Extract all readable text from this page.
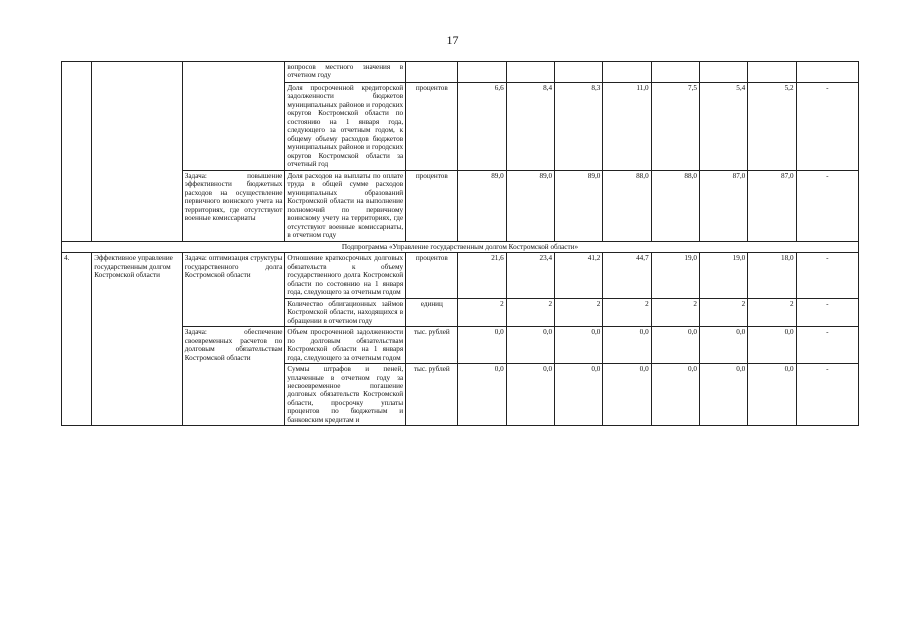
17
			вопросов местного значения в отчетном году									
			Доля просроченной кредиторской задолженности бюджетов муниципальных районов и городских округов Костромской области по состоянию на 1 января года, следующего за отчетным годом, к общему объему расходов бюджетов муниципальных районов и городских округов Костромской области за отчетный год	процентов	6,6	8,4	8,3	11,0	7,5	5,4	5,2	-
		Задача: повышение эффективности бюджетных расходов на осуществление первичного воинского учета на территориях, где отсутствуют военные комиссариаты	Доля расходов на выплаты по оплате труда в общей сумме расходов муниципальных образований Костромской области на выполнение полномочий по первичному воинскому учету на территориях, где отсутствуют военные комиссариаты, в отчетном году	процентов	89,0	89,0	89,0	88,0	88,0	87,0	87,0	-
Подпрограмма «Управление государственным долгом Костромской области»												
4.	Эффективное управление государственным долгом Костромской области	Задача: оптимизация структуры государственного долга Костромской области	Отношение краткосрочных долговых обязательств к объему государственного долга Костромской области по состоянию на 1 января года, следующего за отчетным годом	процентов	21,6	23,4	41,2	44,7	19,0	19,0	18,0	-
			Количество облигационных займов Костромской области, находящихся в обращении в отчетном году	единиц	2	2	2	2	2	2	2	-
		Задача: обеспечение своевременных расчетов по долговым обязательствам Костромской области	Объем просроченной задолженности по долговым обязательствам Костромской области на 1 января года, следующего за отчетным годом	тыс. рублей	0,0	0,0	0,0	0,0	0,0	0,0	0,0	-
			Суммы штрафов и пеней, уплаченные в отчетном году за несвоевременное погашение долговых обязательств Костромской области, просрочку уплаты процентов по бюджетным и банковским кредитам и	тыс. рублей	0,0	0,0	0,0	0,0	0,0	0,0	0,0	-
